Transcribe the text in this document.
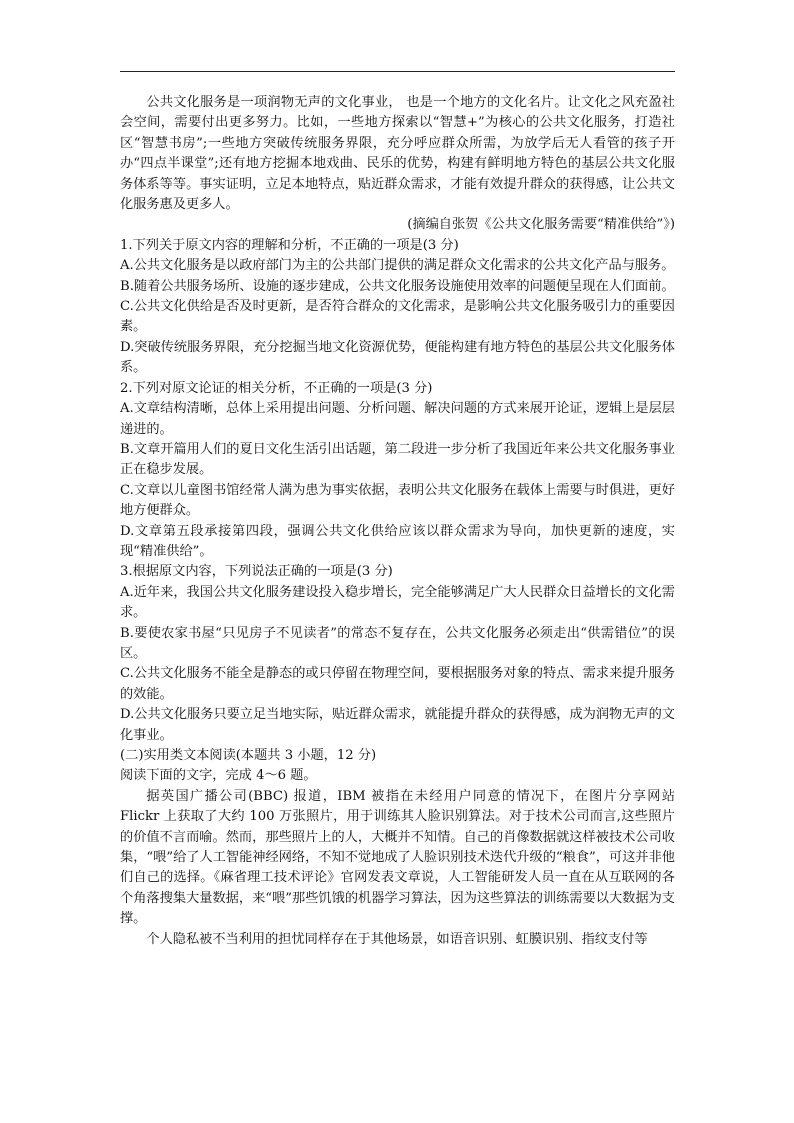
公共文化服务是一项润物无声的文化事业， 也是一个地方的文化名片。让文化之风充盈社会空间，需要付出更多努力。比如，一些地方探索以“智慧+”为核心的公共文化服务，打造社区“智慧书房”;一些地方突破传统服务界限，充分呼应群众所需，为放学后无人看管的孩子开办“四点半课堂”;还有地方挖掘本地戏曲、民乐的优势，构建有鲜明地方特色的基层公共文化服务体系等等。事实证明，立足本地特点，贴近群众需求，才能有效提升群众的获得感，让公共文化服务惠及更多人。

(摘编自张贺《公共文化服务需要“精准供给”》)

1.下列关于原文内容的理解和分析，不正确的一项是(3 分)

A.公共文化服务是以政府部门为主的公共部门提供的满足群众文化需求的公共文化产品与服务。

B.随着公共服务场所、设施的逐步建成，公共文化服务设施使用效率的问题便呈现在人们面前。

C.公共文化供给是否及时更新，是否符合群众的文化需求，是影响公共文化服务吸引力的重要因素。

D.突破传统服务界限，充分挖掘当地文化资源优势，便能构建有地方特色的基层公共文化服务体系。

2.下列对原文论证的相关分析，不正确的一项是(3 分)

A.文章结构清晰，总体上采用提出问题、分析问题、解决问题的方式来展开论证，逻辑上是层层递进的。

B.文章开篇用人们的夏日文化生活引出话题，第二段进一步分析了我国近年来公共文化服务事业正在稳步发展。

C.文章以儿童图书馆经常人满为患为事实依据，表明公共文化服务在载体上需要与时俱进，更好地方便群众。

D.文章第五段承接第四段，强调公共文化供给应该以群众需求为导向，加快更新的速度，实现“精准供给”。

3.根据原文内容，下列说法正确的一项是(3 分)

A.近年来，我国公共文化服务建设投入稳步增长，完全能够满足广大人民群众日益增长的文化需求。

B.要使农家书屋“只见房子不见读者”的常态不复存在，公共文化服务必须走出“供需错位”的误区。

C.公共文化服务不能全是静态的或只停留在物理空间，要根据服务对象的特点、需求来提升服务的效能。

D.公共文化服务只要立足当地实际，贴近群众需求，就能提升群众的获得感，成为润物无声的文化事业。

(二)实用类文本阅读(本题共 3 小题，12 分)

阅读下面的文字，完成 4～6 题。

据英国广播公司(BBC) 报道，IBM 被指在未经用户同意的情况下，在图片分享网站 Flickr 上获取了大约 100 万张照片，用于训练其人脸识别算法。对于技术公司而言,这些照片的价值不言而喻。然而，那些照片上的人，大概并不知情。自己的肖像数据就这样被技术公司收集，“喂”给了人工智能神经网络，不知不觉地成了人脸识别技术迭代升级的“粮食”，可这并非他们自己的选择。《麻省理工技术评论》官网发表文章说，人工智能研发人员一直在从互联网的各个角落搜集大量数据，来“喂”那些饥饿的机器学习算法，因为这些算法的训练需要以大数据为支撑。

个人隐私被不当利用的担忧同样存在于其他场景，如语音识别、虹膜识别、指纹支付等
